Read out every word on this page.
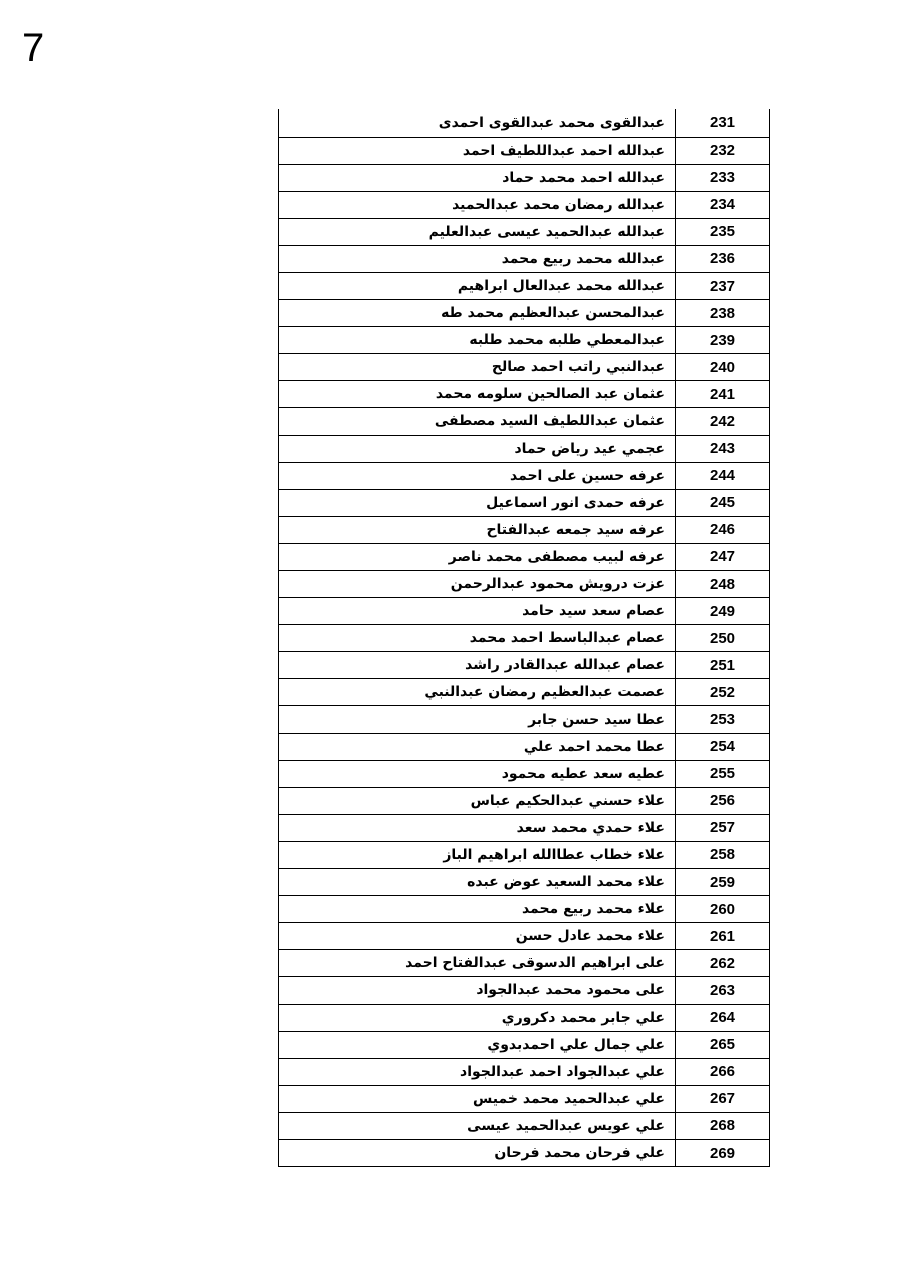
7
عبدالقوى محمد عبدالقوى احمدى	231
عبدالله احمد عبداللطيف احمد	232
عبدالله احمد محمد حماد	233
عبدالله رمضان محمد عبدالحميد	234
عبدالله عبدالحميد عيسى عبدالعليم	235
عبدالله محمد ربيع محمد	236
عبدالله محمد عبدالعال ابراهيم	237
عبدالمحسن عبدالعظيم محمد طه	238
عبدالمعطي طلبه محمد طلبه	239
عبدالنبي راتب احمد صالح	240
عثمان عبد الصالحين سلومه محمد	241
عثمان عبداللطيف السيد مصطفى	242
عجمي عيد رياض حماد	243
عرفه حسين على احمد	244
عرفه حمدى انور اسماعيل	245
عرفه سيد جمعه عبدالفتاح	246
عرفه لبيب مصطفى محمد ناصر	247
عزت درويش محمود عبدالرحمن	248
عصام سعد سيد حامد	249
عصام عبدالباسط احمد محمد	250
عصام عبدالله عبدالقادر راشد	251
عصمت عبدالعظيم رمضان عبدالنبي	252
عطا سيد حسن جابر	253
عطا محمد احمد علي	254
عطيه سعد عطيه محمود	255
علاء حسني عبدالحكيم عباس	256
علاء حمدي محمد سعد	257
علاء خطاب عطاالله ابراهيم الباز	258
علاء محمد السعيد عوض عبده	259
علاء محمد ربيع محمد	260
علاء محمد عادل حسن	261
على ابراهيم الدسوقى عبدالفتاح احمد	262
على محمود محمد عبدالجواد	263
علي جابر محمد دكروري	264
علي جمال علي احمدبدوي	265
علي عبدالجواد احمد عبدالجواد	266
علي عبدالحميد محمد خميس	267
علي عويس عبدالحميد عيسى	268
علي فرحان محمد فرحان	269
